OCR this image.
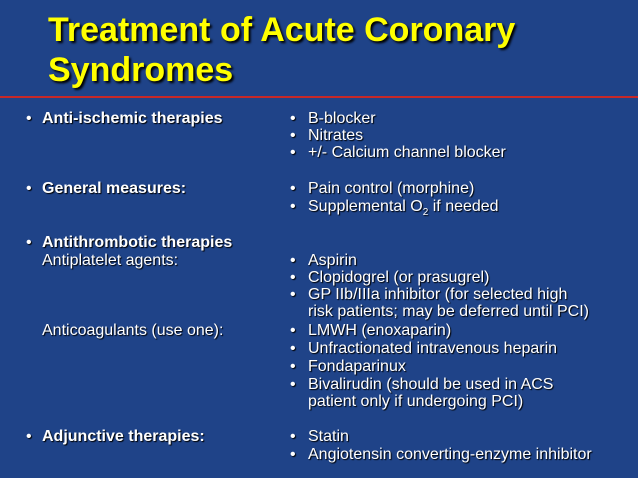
Treatment of Acute Coronary
Syndromes
• Anti-ischemic therapies
• General measures:
• Antithrombotic therapies
Antiplatelet agents:
Anticoagulants (use one):
• Adjunctive therapies:
• B-blocker
• Nitrates
• +/- Calcium channel blocker
• Pain control (morphine)
• Supplemental $O_2$ if needed
• Aspirin
• Clopidogrel (or prasugrel)
• GP IIb/IIIa inhibitor (for selected high
risk patients; may be deferred until PCI)
• LMWH (enoxaparin)
• Unfractionated intravenous heparin
• Fondaparinux
• Bivalirudin (should be used in ACS
patient only if undergoing PCI)
• Statin
• Angiotensin converting-enzyme inhibitor
